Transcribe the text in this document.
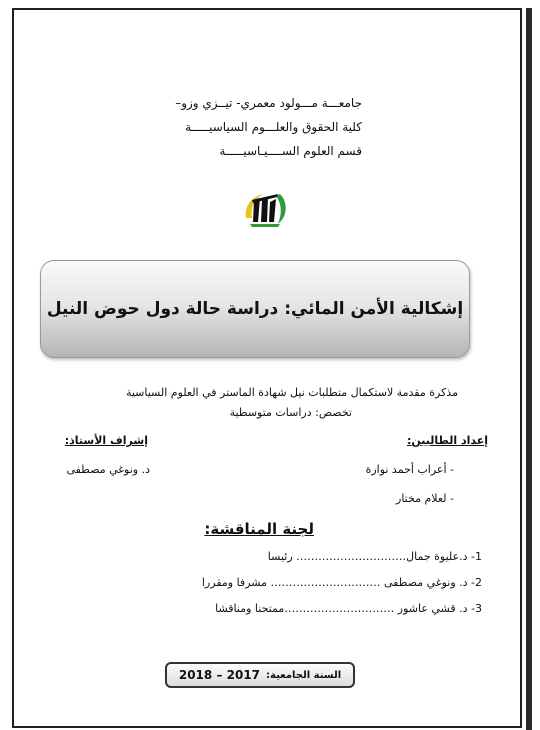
جامعـــة مـــولود معمري- تيــزي وزو–
كلية الحقوق والعلـــوم السياسيـــــة
قسم العلوم الســــيـاسيـــــة
إشكالية الأمن المائي: دراسة حالة دول حوض النيل
مذكرة مقدمة لاستكمال متطلبات نيل شهادة الماستر في العلوم السياسية
تخصص: دراسات متوسطية
إعداد الطالبين:
إشراف الأستاذ:
- أعراب أحمد نوارة
- لعلام مختار
د. ونوغي مصطفى
لجنة المناقشة:
1- د.عليوة جمال………………………… رئيسا
2- د. ونوغي مصطفى ………………………… مشرفا ومقررا
3- د. قشي عاشور …………………………ممتحنا ومناقشا
السنة الجامعية:
2017 – 2018
